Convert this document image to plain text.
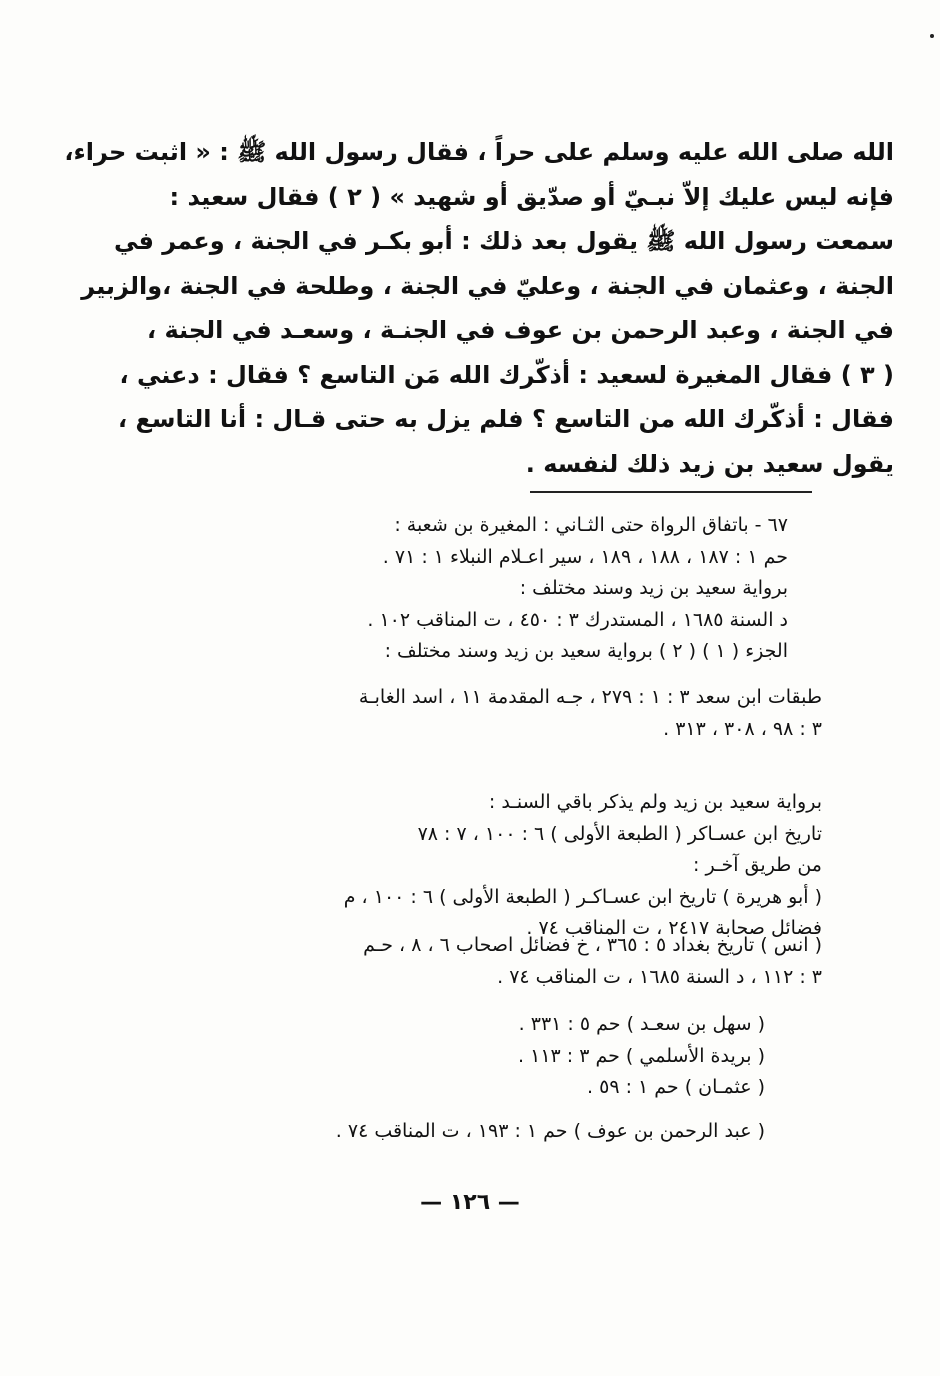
الله صلى الله عليه وسلم على حراً ، فقال رسول الله ﷺ : « اثبت حراء،
فإنه ليس عليك إلاّ نبـيّ أو صدّيق أو شهيد » ( ٢ ) فقال سعيد :
سمعت رسول الله ﷺ يقول بعد ذلك : أبو بكـر في الجنة ، وعمر في
الجنة ، وعثمان في الجنة ، وعليّ في الجنة ، وطلحة في الجنة ،والزبير
في الجنة ، وعبد الرحمن بن عوف في الجنـة ، وسعـد في الجنة ،
( ٣ ) فقال المغيرة لسعيد : أذكّرك الله مَن التاسع ؟ فقال : دعني ،
فقال : أذكّرك الله من التاسع ؟ فلم يزل به حتى قـال : أنا التاسع ،
يقول سعيد بن زيد ذلك لنفسه .
٦٧ - باتفاق الرواة حتى الثـاني : المغيرة بن شعبة :
حم ١ : ١٨٧ ، ١٨٨ ، ١٨٩ ، سير اعـلام النبلاء ١ : ٧١ .
برواية سعيد بن زيد وسند مختلف :
د السنة ١٦٨٥ ، المستدرك ٣ : ٤٥٠ ، ت المناقب ١٠٢ .
الجزء ( ١ ) ( ٢ ) برواية سعيد بن زيد وسند مختلف :
طبقات ابن سعد ٣ : ١ : ٢٧٩ ، جـه المقدمة ١١ ، اسد الغابـة
٣ : ٩٨ ، ٣٠٨ ، ٣١٣ .
برواية سعيد بن زيد ولم يذكر باقي السنـد :
تاريخ ابن عسـاكر ( الطبعة الأولى ) ٦ : ١٠٠ ، ٧ : ٧٨
من طريق آخـر :
( أبو هريرة ) تاريخ ابن عسـاكـر ( الطبعة الأولى ) ٦ : ١٠٠ ، م
فضائل صحابة ٢٤١٧ ، ت المناقب ٧٤ .
( انس ) تاريخ بغداد ٥ : ٣٦٥ ، خ فضائل اصحاب ٦ ، ٨ ، حـم
٣ : ١١٢ ، د السنة ١٦٨٥ ، ت المناقب ٧٤ .
( سهل بن سعـد ) حم ٥ : ٣٣١ .
( بريدة الأسلمي ) حم ٣ : ١١٣ .
( عثمـان ) حم ١ : ٥٩ .
( عبد الرحمن بن عوف ) حم ١ : ١٩٣ ، ت المناقب ٧٤ .
— ١٢٦ —
